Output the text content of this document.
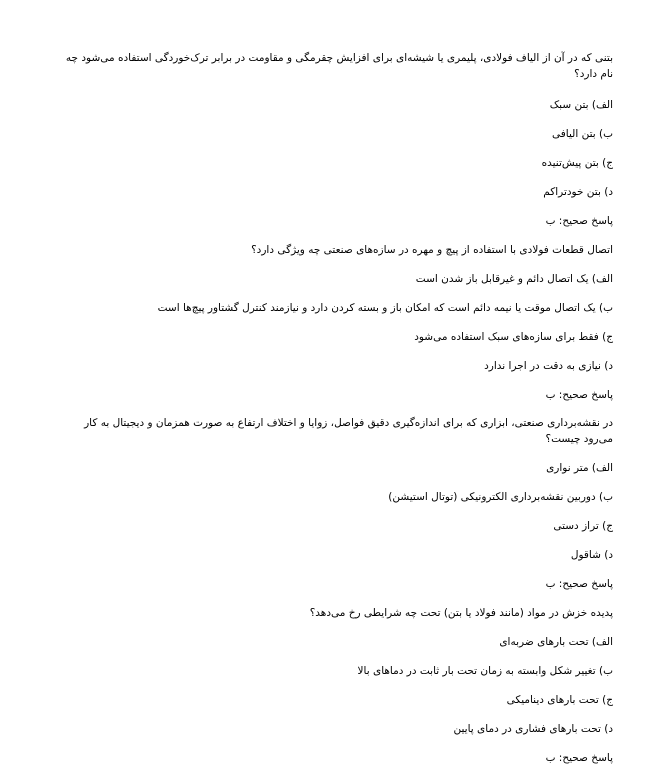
بتنی که در آن از الیاف فولادی، پلیمری یا شیشه‌ای برای افزایش چقرمگی و مقاومت در برابر ترک‌خوردگی استفاده می‌شود چه نام دارد؟
الف) بتن سبک
ب) بتن الیافی
ج) بتن پیش‌تنیده
د) بتن خودتراکم
پاسخ صحیح: ب
اتصال قطعات فولادی با استفاده از پیچ و مهره در سازه‌های صنعتی چه ویژگی دارد؟
الف) یک اتصال دائم و غیرقابل باز شدن است
ب) یک اتصال موقت یا نیمه دائم است که امکان باز و بسته کردن دارد و نیازمند کنترل گشتاور پیچ‌ها است
ج) فقط برای سازه‌های سبک استفاده می‌شود
د) نیازی به دقت در اجرا ندارد
پاسخ صحیح: ب
در نقشه‌برداری صنعتی، ابزاری که برای اندازه‌گیری دقیق فواصل، زوایا و اختلاف ارتفاع به صورت همزمان و دیجیتال به کار می‌رود چیست؟
الف) متر نواری
ب) دوربین نقشه‌برداری الکترونیکی (توتال استیشن)
ج) تراز دستی
د) شاقول
پاسخ صحیح: ب
پدیده خزش در مواد (مانند فولاد یا بتن) تحت چه شرایطی رخ می‌دهد؟
الف) تحت بارهای ضربه‌ای
ب) تغییر شکل وابسته به زمان تحت بار ثابت در دماهای بالا
ج) تحت بارهای دینامیکی
د) تحت بارهای فشاری در دمای پایین
پاسخ صحیح: ب
